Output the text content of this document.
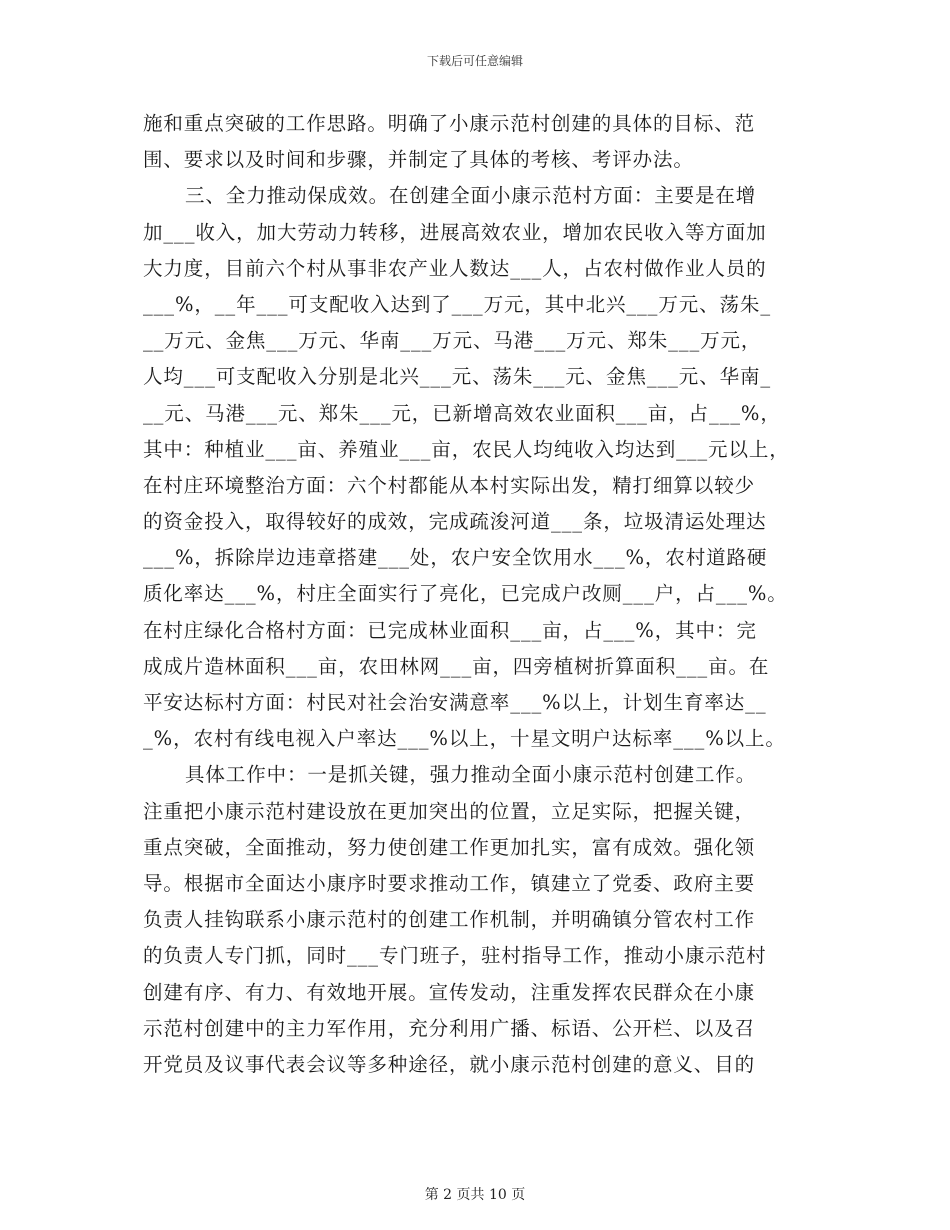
下载后可任意编辑
施和重点突破的工作思路。明确了小康示范村创建的具体的目标、范
围、要求以及时间和步骤，并制定了具体的考核、考评办法。
三、全力推动保成效。在创建全面小康示范村方面：主要是在增
加___收入，加大劳动力转移，进展高效农业，增加农民收入等方面加
大力度，目前六个村从事非农产业人数达___人，占农村做作业人员的
___%，__年___可支配收入达到了___万元，其中北兴___万元、荡朱_
__万元、金焦___万元、华南___万元、马港___万元、郑朱___万元，
人均___可支配收入分别是北兴___元、荡朱___元、金焦___元、华南_
__元、马港___元、郑朱___元，已新增高效农业面积___亩，占___%，
其中：种植业___亩、养殖业___亩，农民人均纯收入均达到___元以上，
在村庄环境整治方面：六个村都能从本村实际出发，精打细算以较少
的资金投入，取得较好的成效，完成疏浚河道___条，垃圾清运处理达
___%，拆除岸边违章搭建___处，农户安全饮用水___%，农村道路硬
质化率达___%，村庄全面实行了亮化，已完成户改厕___户，占___%。
在村庄绿化合格村方面：已完成林业面积___亩，占___%，其中：完
成成片造林面积___亩，农田林网___亩，四旁植树折算面积___亩。在
平安达标村方面：村民对社会治安满意率___%以上，计划生育率达__
_%，农村有线电视入户率达___%以上，十星文明户达标率___%以上。
具体工作中：一是抓关键，强力推动全面小康示范村创建工作。
注重把小康示范村建设放在更加突出的位置，立足实际，把握关键，
重点突破，全面推动，努力使创建工作更加扎实，富有成效。强化领
导。根据市全面达小康序时要求推动工作，镇建立了党委、政府主要
负责人挂钩联系小康示范村的创建工作机制，并明确镇分管农村工作
的负责人专门抓，同时___专门班子，驻村指导工作，推动小康示范村
创建有序、有力、有效地开展。宣传发动，注重发挥农民群众在小康
示范村创建中的主力军作用，充分利用广播、标语、公开栏、以及召
开党员及议事代表会议等多种途径，就小康示范村创建的意义、目的
第 2 页共 10 页
